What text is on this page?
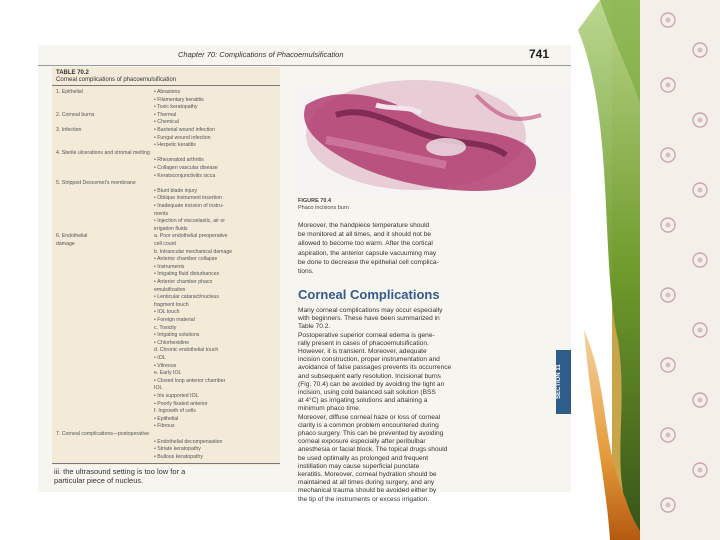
Chapter 70: Complications of Phacoemulsification	741
TABLE 70.2
Corneal complications of phacoemulsification
1. Epithelial	• Abrasions
• Filamentary keratitis
• Toxic keratopathy
2. Corneal burns	• Thermal
• Chemical
3. Infection	• Bacterial wound infection
• Fungal wound infection
• Herpetic keratitis
4. Sterile ulcerations and stromal melting
• Rheumatoid arthritis
• Collagen vascular disease
• Keratoconjunctivitis sicca
5. Stripped Descemet's membrane
• Blunt blade injury
• Oblique instrument insertion
• Inadequate incision of instru-
ments
• Injection of viscoelastic, air or
irrigation fluids
6. Endothelial	a. Poor endothelial preoperative
damage	cell count
b. Intraocular mechanical damage
• Anterior chamber collapse
• Instruments
• Irrigating fluid disturbances
• Anterior chamber phaco
emulsification
• Lenticular cataract/nucleus
fragment touch
• IOL touch
• Foreign material
c. Toxicity
• Irrigating solutions
• Chlorhexidine
d. Chronic endothelial touch
• IOL
• Vitreous
e. Early IOL
• Closed loop anterior chamber
IOL
• Iris supported IOL
• Poorly fixated anterior
f. Ingrowth of cells
• Epithelial
• Fibrous
7. Corneal complications—postoperative
• Endothelial decompensation
• Striate keratopathy
• Bullous keratopathy
iii. the ultrasound setting is too low for a
particular piece of nucleus.
FIGURE 70.4
Phaco incisions burn
Moreover, the handpiece temperature should
be monitored at all times, and it should not be
allowed to become too warm. After the cortical
aspiration, the anterior capsule vacuuming may
be done to decrease the epithelial cell complica-
tions.
Corneal Complications
Many corneal complications may occur especially
with beginners. These have been summarized in
Table 70.2.
Postoperative superior corneal edema is gene-
rally present in cases of phacoemulsification.
However, it is transient. Moreover, adequate
incision construction, proper instrumentation and
avoidance of false passages prevents its occurrence
and subsequent early resolution. Incisional burns
(Fig. 70.4) can be avoided by avoiding the tight an
incision, using cold balanced salt solution (BSS
at 4°C) as irrigating solutions and attaining a
minimum phaco time.
Moreover, diffuse corneal haze or loss of corneal
clarity is a common problem encountered during
phaco surgery. This can be prevented by avoiding
corneal exposure especially after peribulbar
anesthesia or facial block. The topical drugs should
be used optimally as prolonged and frequent
instillation may cause superficial punctate
keratitis. Moreover, corneal hydration should be
maintained at all times during surgery, and any
mechanical trauma should be avoided either by
the tip of the instruments or excess irrigation.
SECTION 11
